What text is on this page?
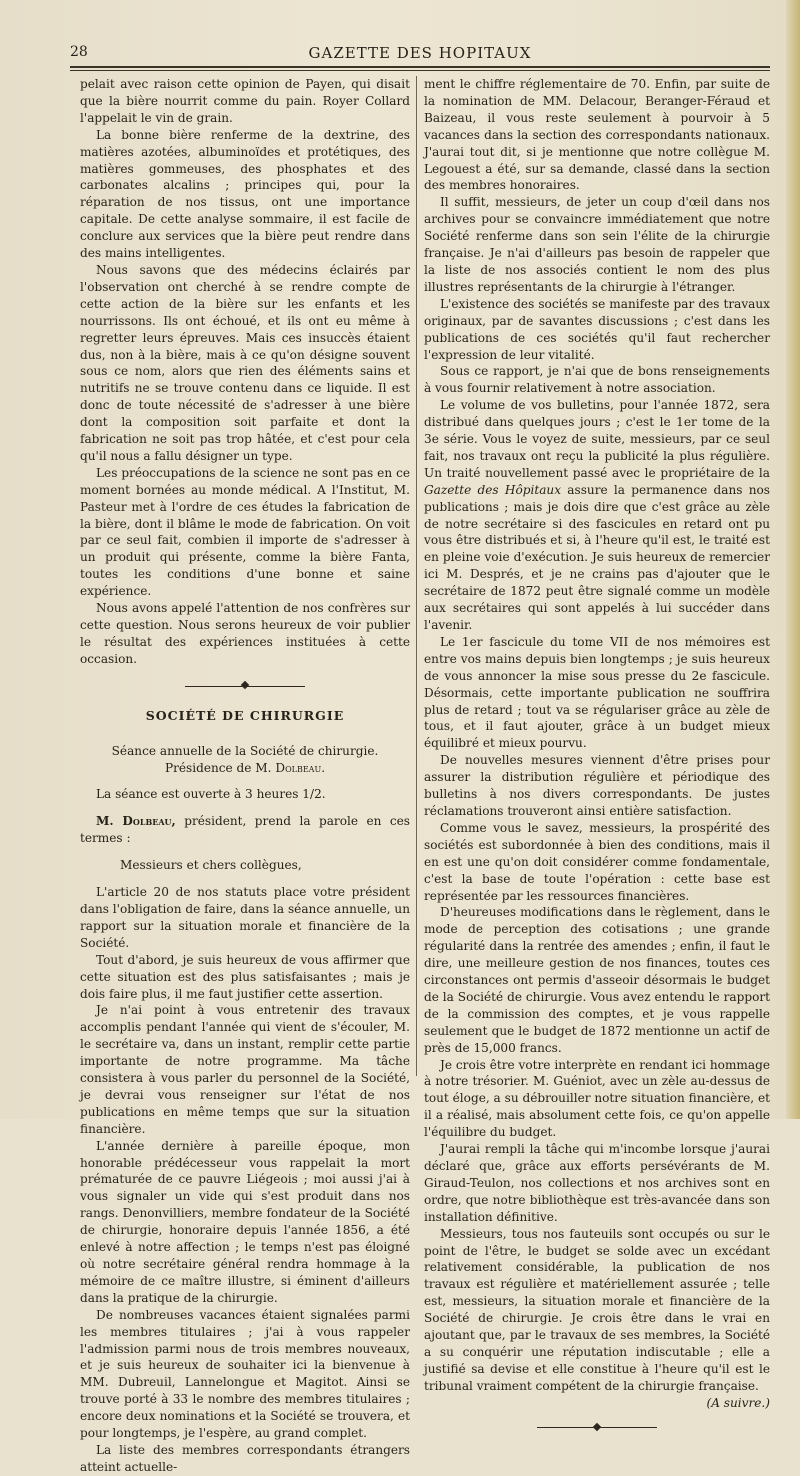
28	GAZETTE DES HOPITAUX

pelait avec raison cette opinion de Payen, qui disait que la bière nourrit comme du pain. Royer Collard l'appelait le vin de grain.

La bonne bière renferme de la dextrine, des matières azotées, albuminoïdes et protétiques, des matières gommeuses, des phosphates et des carbonates alcalins ; principes qui, pour la réparation de nos tissus, ont une importance capitale. De cette analyse sommaire, il est facile de conclure aux services que la bière peut rendre dans des mains intelligentes.

Nous savons que des médecins éclairés par l'observation ont cherché à se rendre compte de cette action de la bière sur les enfants et les nourrissons. Ils ont échoué, et ils ont eu même à regretter leurs épreuves. Mais ces insuccès étaient dus, non à la bière, mais à ce qu'on désigne souvent sous ce nom, alors que rien des éléments sains et nutritifs ne se trouve contenu dans ce liquide. Il est donc de toute nécessité de s'adresser à une bière dont la composition soit parfaite et dont la fabrication ne soit pas trop hâtée, et c'est pour cela qu'il nous a fallu désigner un type.

Les préoccupations de la science ne sont pas en ce moment bornées au monde médical. A l'Institut, M. Pasteur met à l'ordre de ces études la fabrication de la bière, dont il blâme le mode de fabrication. On voit par ce seul fait, combien il importe de s'adresser à un produit qui présente, comme la bière Fanta, toutes les conditions d'une bonne et saine expérience.

Nous avons appelé l'attention de nos confrères sur cette question. Nous serons heureux de voir publier le résultat des expériences instituées à cette occasion.

SOCIÉTÉ DE CHIRURGIE

Séance annuelle de la Société de chirurgie.

Présidence de M. Dolbeau.

La séance est ouverte à 3 heures 1/2.

M. Dolbeau, président, prend la parole en ces termes :

Messieurs et chers collègues,

L'article 20 de nos statuts place votre président dans l'obligation de faire, dans la séance annuelle, un rapport sur la situation morale et financière de la Société.

Tout d'abord, je suis heureux de vous affirmer que cette situation est des plus satisfaisantes ; mais je dois faire plus, il me faut justifier cette assertion.

Je n'ai point à vous entretenir des travaux accomplis pendant l'année qui vient de s'écouler, M. le secrétaire va, dans un instant, remplir cette partie importante de notre programme. Ma tâche consistera à vous parler du personnel de la Société, je devrai vous renseigner sur l'état de nos publications en même temps que sur la situation financière.

L'année dernière à pareille époque, mon honorable prédécesseur vous rappelait la mort prématurée de ce pauvre Liégeois ; moi aussi j'ai à vous signaler un vide qui s'est produit dans nos rangs. Denonvilliers, membre fondateur de la Société de chirurgie, honoraire depuis l'année 1856, a été enlevé à notre affection ; le temps n'est pas éloigné où notre secrétaire général rendra hommage à la mémoire de ce maître illustre, si éminent d'ailleurs dans la pratique de la chirurgie.

De nombreuses vacances étaient signalées parmi les membres titulaires ; j'ai à vous rappeler l'admission parmi nous de trois membres nouveaux, et je suis heureux de souhaiter ici la bienvenue à MM. Dubreuil, Lannelongue et Magitot. Ainsi se trouve porté à 33 le nombre des membres titulaires ; encore deux nominations et la Société se trouvera, et pour longtemps, je l'espère, au grand complet.

La liste des membres correspondants étrangers atteint actuelle-

ment le chiffre réglementaire de 70. Enfin, par suite de la nomination de MM. Delacour, Beranger-Féraud et Baizeau, il vous reste seulement à pourvoir à 5 vacances dans la section des correspondants nationaux. J'aurai tout dit, si je mentionne que notre collègue M. Legouest a été, sur sa demande, classé dans la section des membres honoraires.

Il suffit, messieurs, de jeter un coup d'œil dans nos archives pour se convaincre immédiatement que notre Société renferme dans son sein l'élite de la chirurgie française. Je n'ai d'ailleurs pas besoin de rappeler que la liste de nos associés contient le nom des plus illustres représentants de la chirurgie à l'étranger.

L'existence des sociétés se manifeste par des travaux originaux, par de savantes discussions ; c'est dans les publications de ces sociétés qu'il faut rechercher l'expression de leur vitalité.

Sous ce rapport, je n'ai que de bons renseignements à vous fournir relativement à notre association.

Le volume de vos bulletins, pour l'année 1872, sera distribué dans quelques jours ; c'est le 1er tome de la 3e série. Vous le voyez de suite, messieurs, par ce seul fait, nos travaux ont reçu la publicité la plus régulière. Un traité nouvellement passé avec le propriétaire de la Gazette des Hôpitaux assure la permanence dans nos publications ; mais je dois dire que c'est grâce au zèle de notre secrétaire si des fascicules en retard ont pu vous être distribués et si, à l'heure qu'il est, le traité est en pleine voie d'exécution. Je suis heureux de remercier ici M. Després, et je ne crains pas d'ajouter que le secrétaire de 1872 peut être signalé comme un modèle aux secrétaires qui sont appelés à lui succéder dans l'avenir.

Le 1er fascicule du tome VII de nos mémoires est entre vos mains depuis bien longtemps ; je suis heureux de vous annoncer la mise sous presse du 2e fascicule. Désormais, cette importante publication ne souffrira plus de retard ; tout va se régulariser grâce au zèle de tous, et il faut ajouter, grâce à un budget mieux équilibré et mieux pourvu.

De nouvelles mesures viennent d'être prises pour assurer la distribution régulière et périodique des bulletins à nos divers correspondants. De justes réclamations trouveront ainsi entière satisfaction.

Comme vous le savez, messieurs, la prospérité des sociétés est subordonnée à bien des conditions, mais il en est une qu'on doit considérer comme fondamentale, c'est la base de toute l'opération : cette base est représentée par les ressources financières.

D'heureuses modifications dans le règlement, dans le mode de perception des cotisations ; une grande régularité dans la rentrée des amendes ; enfin, il faut le dire, une meilleure gestion de nos finances, toutes ces circonstances ont permis d'asseoir désormais le budget de la Société de chirurgie. Vous avez entendu le rapport de la commission des comptes, et je vous rappelle seulement que le budget de 1872 mentionne un actif de près de 15,000 francs.

Je crois être votre interprète en rendant ici hommage à notre trésorier. M. Guéniot, avec un zèle au-dessus de tout éloge, a su débrouiller notre situation financière, et il a réalisé, mais absolument cette fois, ce qu'on appelle l'équilibre du budget.

J'aurai rempli la tâche qui m'incombe lorsque j'aurai déclaré que, grâce aux efforts persévérants de M. Giraud-Teulon, nos collections et nos archives sont en ordre, que notre bibliothèque est très-avancée dans son installation définitive.

Messieurs, tous nos fauteuils sont occupés ou sur le point de l'être, le budget se solde avec un excédant relativement considérable, la publication de nos travaux est régulière et matériellement assurée ; telle est, messieurs, la situation morale et financière de la Société de chirurgie. Je crois être dans le vrai en ajoutant que, par le travaux de ses membres, la Société a su conquérir une réputation indiscutable ; elle a justifié sa devise et elle constitue à l'heure qu'il est le tribunal vraiment compétent de la chirurgie française.

(A suivre.)
